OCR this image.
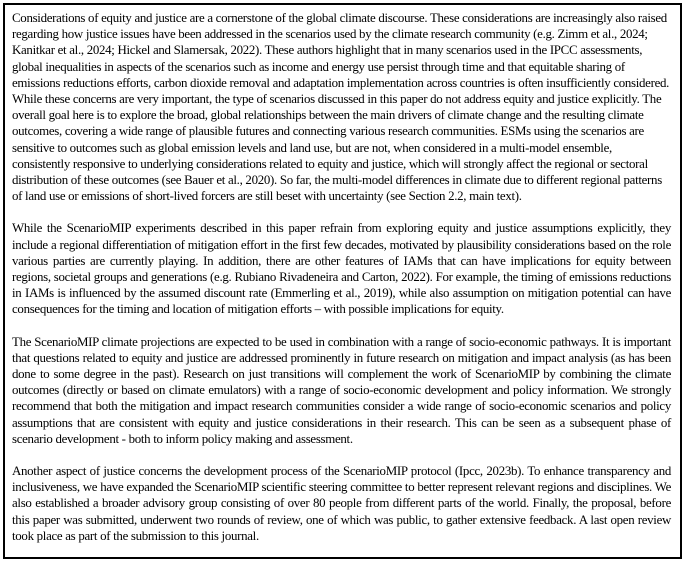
Considerations of equity and justice are a cornerstone of the global climate discourse. These considerations are increasingly also raised regarding how justice issues have been addressed in the scenarios used by the climate research community (e.g. Zimm et al., 2024; Kanitkar et al., 2024; Hickel and Slamersak, 2022). These authors highlight that in many scenarios used in the IPCC assessments, global inequalities in aspects of the scenarios such as income and energy use persist through time and that equitable sharing of emissions reductions efforts, carbon dioxide removal and adaptation implementation across countries is often insufficiently considered. While these concerns are very important, the type of scenarios discussed in this paper do not address equity and justice explicitly. The overall goal here is to explore the broad, global relationships between the main drivers of climate change and the resulting climate outcomes, covering a wide range of plausible futures and connecting various research communities. ESMs using the scenarios are sensitive to outcomes such as global emission levels and land use, but are not, when considered in a multi-model ensemble, consistently responsive to underlying considerations related to equity and justice, which will strongly affect the regional or sectoral distribution of these outcomes (see Bauer et al., 2020). So far, the multi-model differences in climate due to different regional patterns of land use or emissions of short-lived forcers are still beset with uncertainty (see Section 2.2, main text).

While the ScenarioMIP experiments described in this paper refrain from exploring equity and justice assumptions explicitly, they include a regional differentiation of mitigation effort in the first few decades, motivated by plausibility considerations based on the role various parties are currently playing. In addition, there are other features of IAMs that can have implications for equity between regions, societal groups and generations (e.g. Rubiano Rivadeneira and Carton, 2022). For example, the timing of emissions reductions in IAMs is influenced by the assumed discount rate (Emmerling et al., 2019), while also assumption on mitigation potential can have consequences for the timing and location of mitigation efforts – with possible implications for equity.

The ScenarioMIP climate projections are expected to be used in combination with a range of socio-economic pathways. It is important that questions related to equity and justice are addressed prominently in future research on mitigation and impact analysis (as has been done to some degree in the past). Research on just transitions will complement the work of ScenarioMIP by combining the climate outcomes (directly or based on climate emulators) with a range of socio-economic development and policy information. We strongly recommend that both the mitigation and impact research communities consider a wide range of socio-economic scenarios and policy assumptions that are consistent with equity and justice considerations in their research. This can be seen as a subsequent phase of scenario development - both to inform policy making and assessment.

Another aspect of justice concerns the development process of the ScenarioMIP protocol (Ipcc, 2023b). To enhance transparency and inclusiveness, we have expanded the ScenarioMIP scientific steering committee to better represent relevant regions and disciplines. We also established a broader advisory group consisting of over 80 people from different parts of the world. Finally, the proposal, before this paper was submitted, underwent two rounds of review, one of which was public, to gather extensive feedback. A last open review took place as part of the submission to this journal.
